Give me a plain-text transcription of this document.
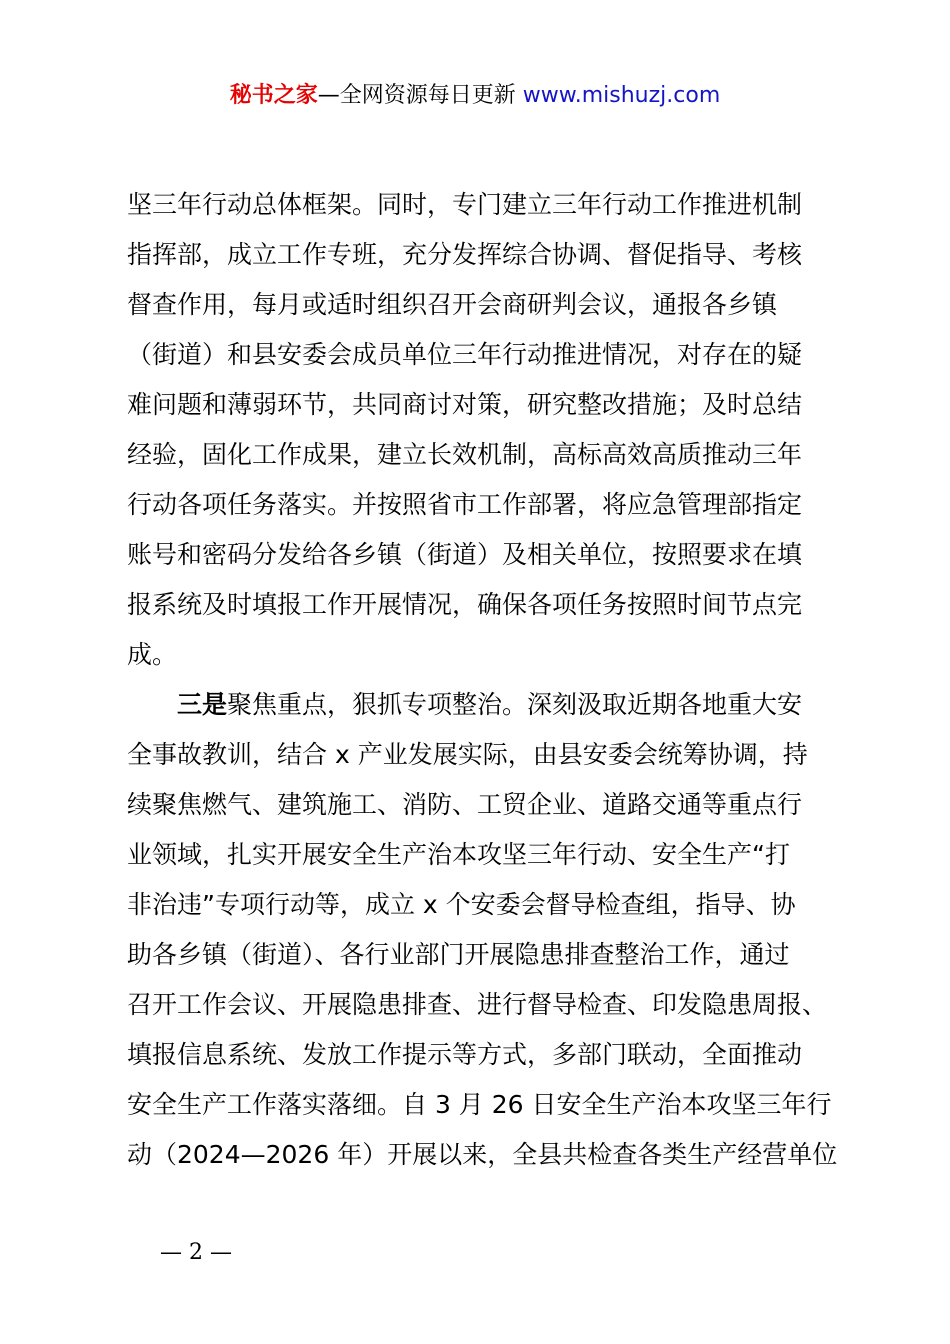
秘书之家—全网资源每日更新 www.mishuzj.com
坚三年行动总体框架。同时，专门建立三年行动工作推进机制
指挥部，成立工作专班，充分发挥综合协调、督促指导、考核
督查作用，每月或适时组织召开会商研判会议，通报各乡镇
（街道）和县安委会成员单位三年行动推进情况，对存在的疑
难问题和薄弱环节，共同商讨对策，研究整改措施；及时总结
经验，固化工作成果，建立长效机制，高标高效高质推动三年
行动各项任务落实。并按照省市工作部署，将应急管理部指定
账号和密码分发给各乡镇（街道）及相关单位，按照要求在填
报系统及时填报工作开展情况，确保各项任务按照时间节点完
成。
三是聚焦重点，狠抓专项整治。深刻汲取近期各地重大安
全事故教训，结合 x 产业发展实际，由县安委会统筹协调，持
续聚焦燃气、建筑施工、消防、工贸企业、道路交通等重点行
业领域，扎实开展安全生产治本攻坚三年行动、安全生产“打
非治违”专项行动等，成立 x 个安委会督导检查组，指导、协
助各乡镇（街道）、各行业部门开展隐患排查整治工作，通过
召开工作会议、开展隐患排查、进行督导检查、印发隐患周报、
填报信息系统、发放工作提示等方式，多部门联动，全面推动
安全生产工作落实落细。自 3 月 26 日安全生产治本攻坚三年行
动（2024—2026 年）开展以来，全县共检查各类生产经营单位
— 2 —
